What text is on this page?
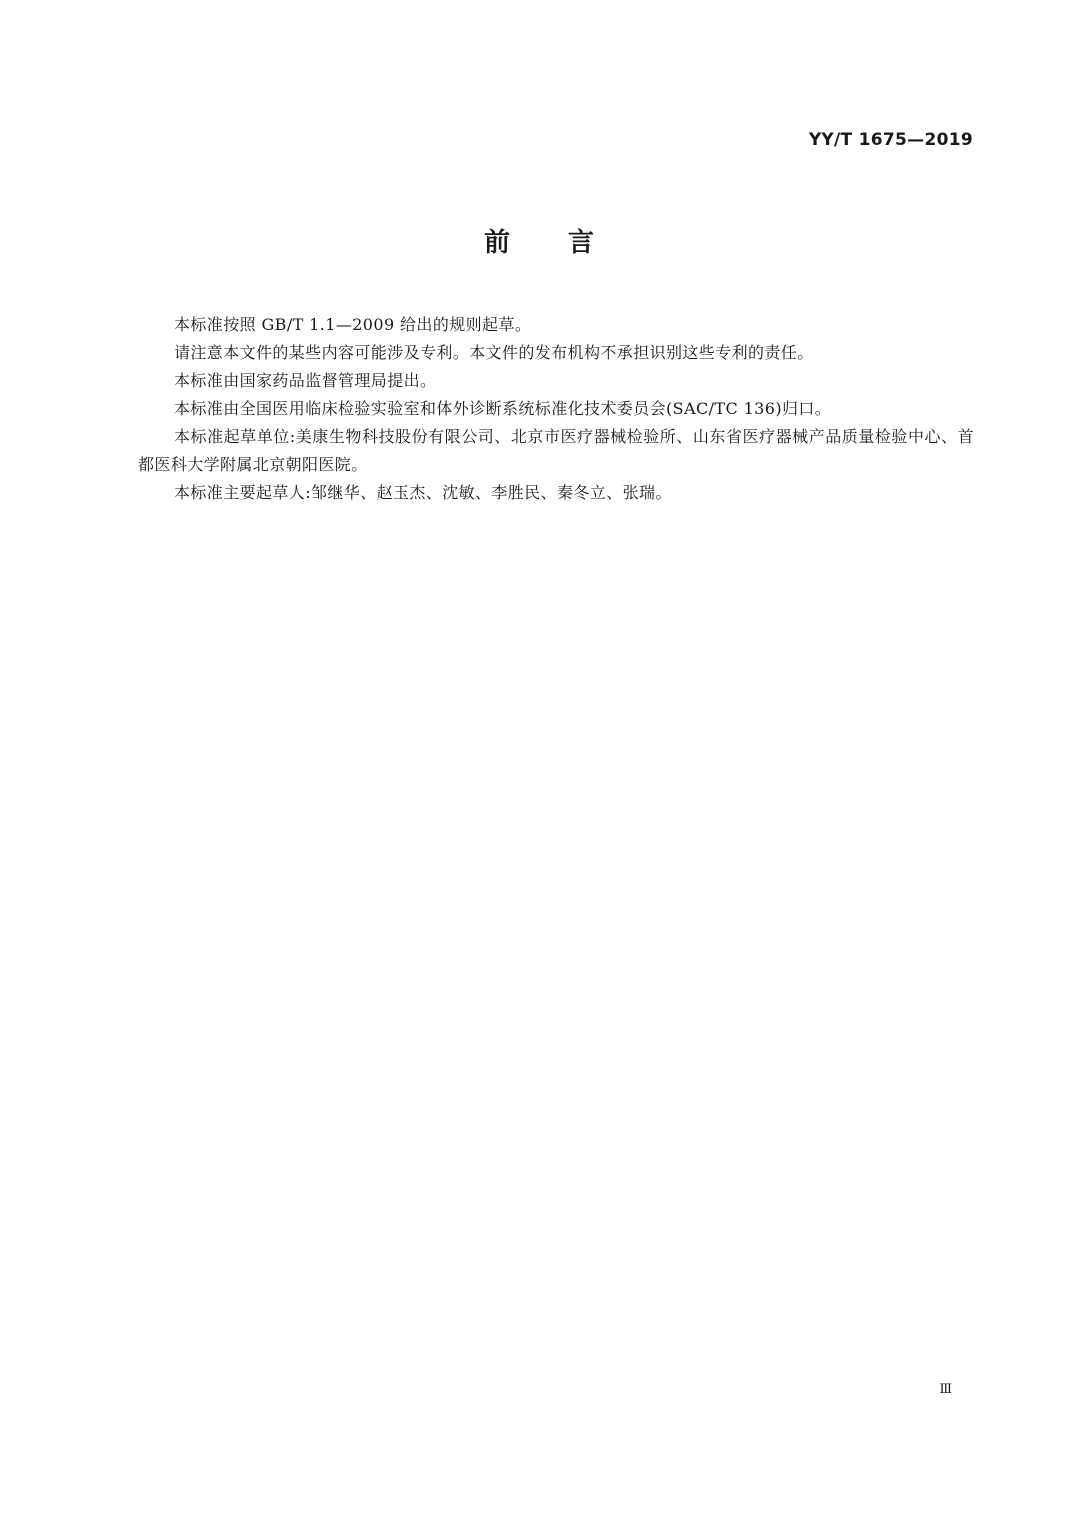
YY/T 1675—2019
前言

本标准按照 GB/T 1.1—2009 给出的规则起草。

请注意本文件的某些内容可能涉及专利。本文件的发布机构不承担识别这些专利的责任。

本标准由国家药品监督管理局提出。

本标准由全国医用临床检验实验室和体外诊断系统标准化技术委员会(SAC/TC 136)归口。

本标准起草单位:美康生物科技股份有限公司、北京市医疗器械检验所、山东省医疗器械产品质量检验中心、首都医科大学附属北京朝阳医院。

本标准主要起草人:邹继华、赵玉杰、沈敏、李胜民、秦冬立、张瑞。

Ⅲ
